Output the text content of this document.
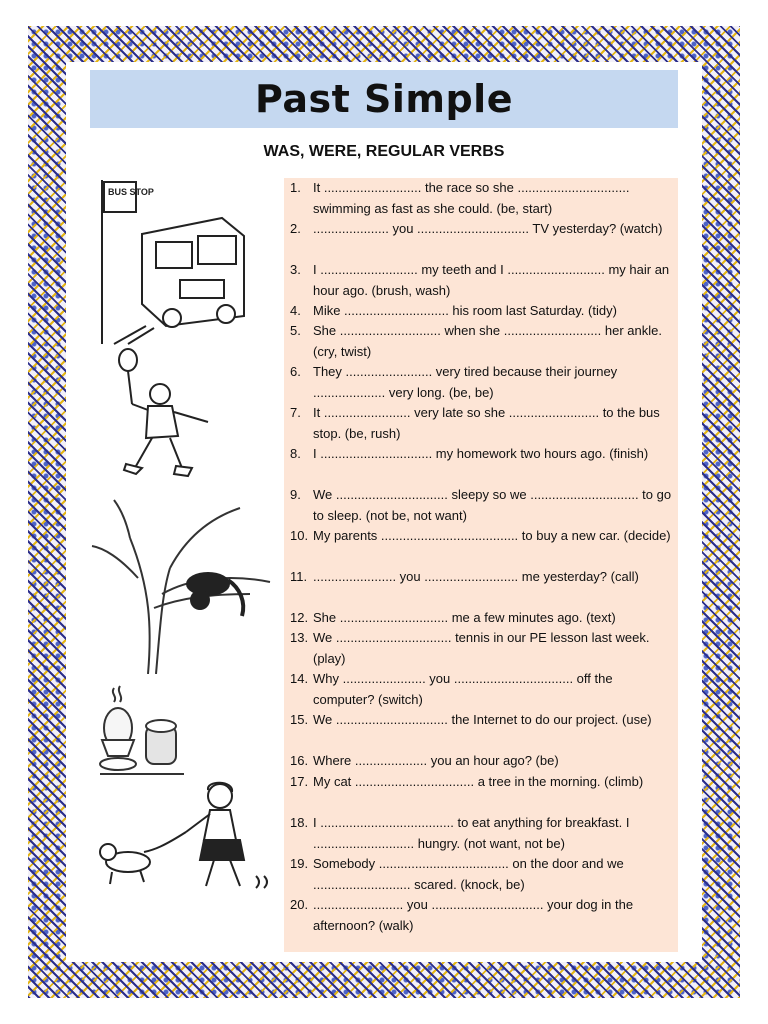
Past Simple
WAS, WERE, REGULAR VERBS
BUS STOP	1. It ........................... the race so she ............................... swimming as fast as she could. (be, start)
2. ..................... you ............................... TV yesterday? (watch)
3. I ........................... my teeth and I ........................... my hair an hour ago. (brush, wash)
4. Mike ............................. his room last Saturday. (tidy)
5. She ............................ when she ........................... her ankle. (cry, twist)
6. They ........................ very tired because their journey .................... very long. (be, be)
7. It ........................ very late so she ......................... to the bus stop. (be, rush)
8. I ............................... my homework two hours ago. (finish)
9. We ............................... sleepy so we .............................. to go to sleep. (not be, not want)
10. My parents ...................................... to buy a new car. (decide)
11. ....................... you .......................... me yesterday? (call)
12. She .............................. me a few minutes ago. (text)
13. We ................................ tennis in our PE lesson last week. (play)
14. Why ....................... you ................................. off the computer? (switch)
15. We ............................... the Internet to do our project. (use)
16. Where .................... you an hour ago? (be)
17. My cat ................................. a tree in the morning. (climb)
18. I ..................................... to eat anything for breakfast. I ............................ hungry. (not want, not be)
19. Somebody .................................... on the door and we ........................... scared. (knock, be)
20. ......................... you ............................... your dog in the afternoon? (walk)
